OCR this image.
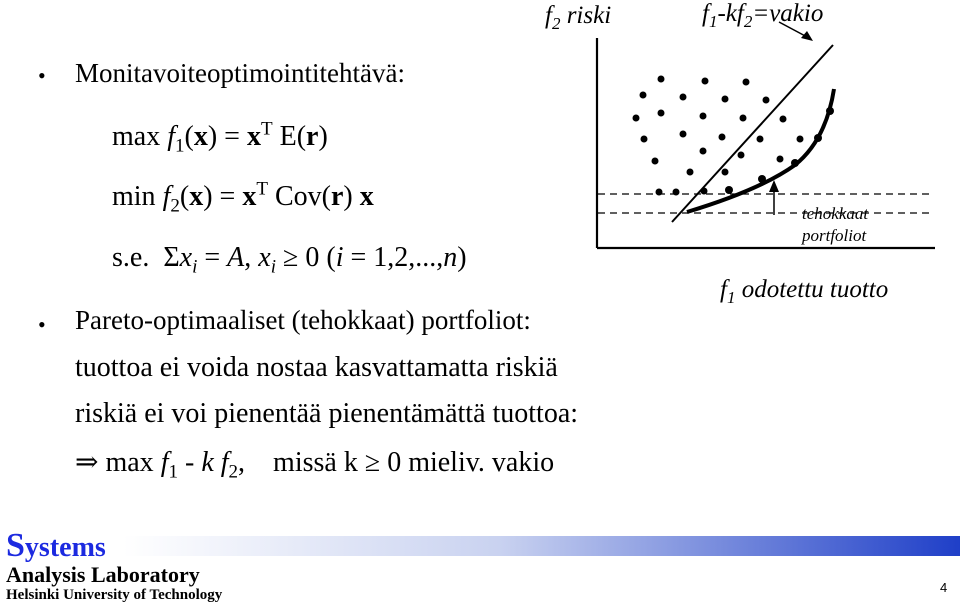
• Monitavoiteoptimointitehtävä:
$\max f_1(x) = x^T$ E(r)
$\min f_2(x) = x^T$ Cov(r) x
s.e. $\Sigma x_i = A$, $x_i \ge 0$ (i = 1,2,...,n)
• Pareto-optimaaliset (tehokkaat) portfoliot:
tuottoa ei voida nostaa kasvattamatta riskiä
riskiä ei voi pienentää pienentämättä tuottoa:
⇒ $\max f_1$ - k $f_2$, missä k ≥ 0 mieliv. vakio
$f_2$ riski	$f_1-kf_2=vakio$
tehokkaat
portfoliot
$f_1$ odotettu tuotto
Systems
Analysis Laboratory
Helsinki University of Technology	4
